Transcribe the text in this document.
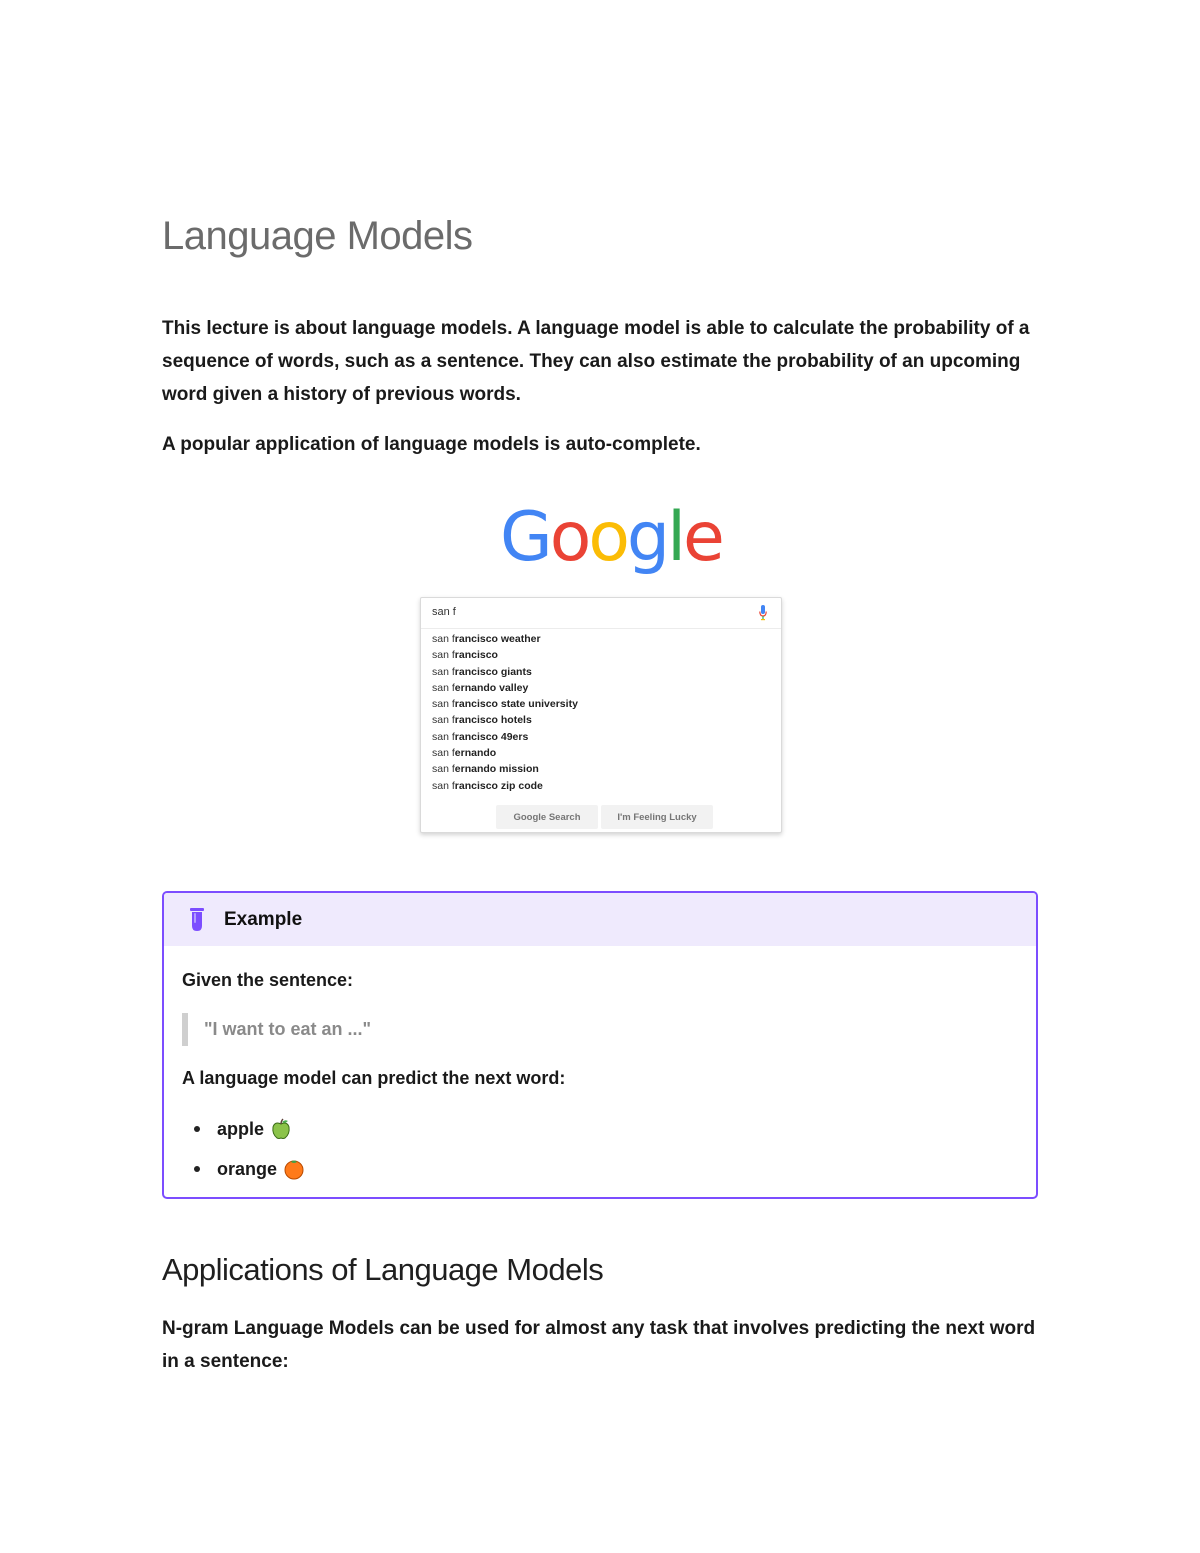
Language Models

This lecture is about language models. A language model is able to calculate the probability of a sequence of words, such as a sentence. They can also estimate the probability of an upcoming word given a history of previous words.

A popular application of language models is auto-complete.

Google
san f
san francisco weather
san francisco
san francisco giants
san fernando valley
san francisco state university
san francisco hotels
san francisco 49ers
san fernando
san fernando mission
san francisco zip code
Google Search	I'm Feeling Lucky
Example

Given the sentence:

"I want to eat an ..."

A language model can predict the next word:

apple
orange
Applications of Language Models

N-gram Language Models can be used for almost any task that involves predicting the next word in a sentence:
